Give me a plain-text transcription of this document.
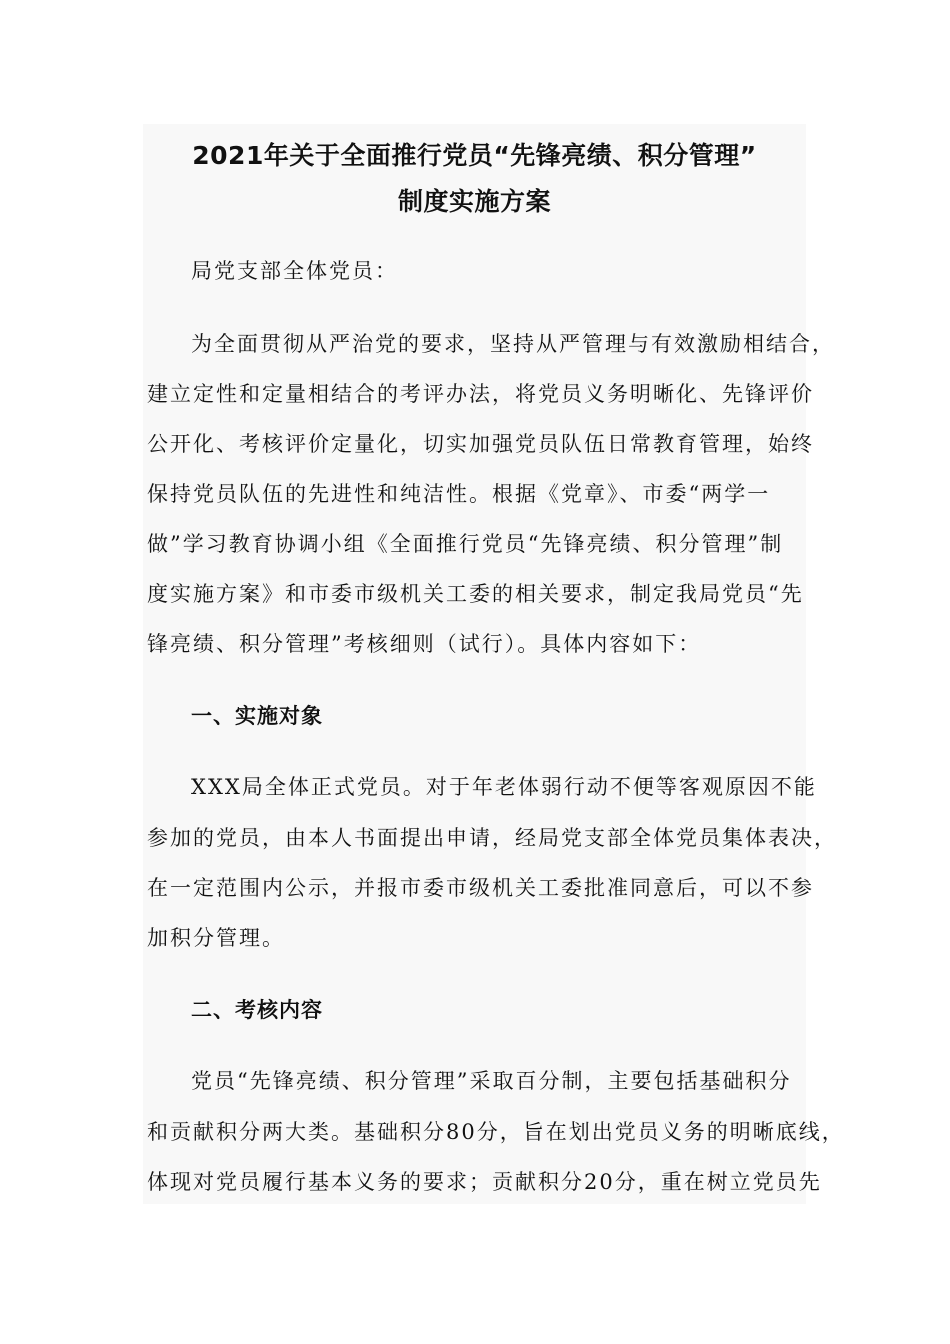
2021年关于全面推行党员“先锋亮绩、积分管理”
制度实施方案
局党支部全体党员：
为全面贯彻从严治党的要求，坚持从严管理与有效激励相结合，
建立定性和定量相结合的考评办法，将党员义务明晰化、先锋评价
公开化、考核评价定量化，切实加强党员队伍日常教育管理，始终
保持党员队伍的先进性和纯洁性。根据《党章》、市委“两学一
做”学习教育协调小组《全面推行党员“先锋亮绩、积分管理”制
度实施方案》和市委市级机关工委的相关要求，制定我局党员“先
锋亮绩、积分管理”考核细则（试行）。具体内容如下：
一、实施对象
XXX局全体正式党员。对于年老体弱行动不便等客观原因不能
参加的党员，由本人书面提出申请，经局党支部全体党员集体表决，
在一定范围内公示，并报市委市级机关工委批准同意后，可以不参
加积分管理。
二、考核内容
党员“先锋亮绩、积分管理”采取百分制，主要包括基础积分
和贡献积分两大类。基础积分80分，旨在划出党员义务的明晰底线，
体现对党员履行基本义务的要求；贡献积分20分，重在树立党员先
